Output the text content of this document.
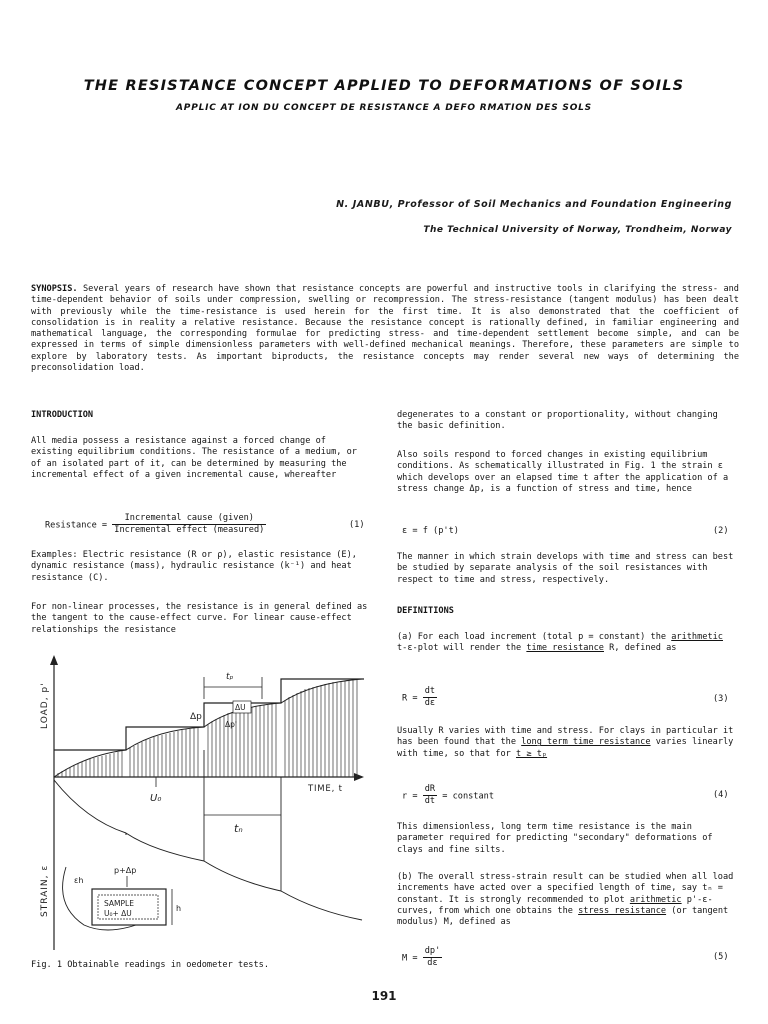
THE RESISTANCE CONCEPT APPLIED TO DEFORMATIONS OF SOILS
APPLIC AT ION DU CONCEPT DE RESISTANCE A DEFO RMATION DES SOLS
N. JANBU, Professor of Soil Mechanics and Foundation Engineering
The Technical University of Norway, Trondheim, Norway
SYNOPSIS. Several years of research have shown that resistance concepts are powerful and instructive tools in clarifying the stress- and time-dependent behavior of soils under compression, swelling or recompression. The stress-resistance (tangent modulus) has been dealt with previously while the time-resistance is used herein for the first time. It is also demonstrated that the coefficient of consolidation is in reality a relative resistance. Because the resistance concept is rationally defined, in familiar engineering and mathematical language, the corresponding formulae for predicting stress- and time-dependent settlement become simple, and can be expressed in terms of simple dimensionless parameters with well-defined mechanical meanings. Therefore, these parameters are simple to explore by laboratory tests. As important biproducts, the resistance concepts may render several new ways of determining the preconsolidation load.
INTRODUCTION
All media possess a resistance against a forced change of existing equilibrium conditions. The resistance of a medium, or of an isolated part of it, can be determined by measuring the incremental effect of a given incremental cause, whereafter
Resistance = $\frac{\text{Incremental cause (given)}}{\text{Incremental effect (measured)}}$	(1)
Examples: Electric resistance (R or ρ), elastic resistance (E), dynamic resistance (mass), hydraulic resistance (k⁻¹) and heat resistance (C).
For non-linear processes, the resistance is in general defined as the tangent to the cause-effect curve. For linear cause-effect relationships the resistance
tₚ
Δp
ΔU
Δp'
U₀
LOAD, p'
TIME, t
STRAIN, ε
tₙ
εh
p+Δp
SAMPLE
U₀+ ΔU
h
Fig. 1 Obtainable readings in oedometer tests.
degenerates to a constant or proportionality, without changing the basic definition.
Also soils respond to forced changes in existing equilibrium conditions. As schematically illustrated in Fig. 1 the strain ε which develops over an elapsed time t after the application of a stress change Δp, is a function of stress and time, hence
ε = f (p't)	(2)
The manner in which strain develops with time and stress can best be studied by separate analysis of the soil resistances with respect to time and stress, respectively.
DEFINITIONS
(a) For each load increment (total p = constant) the arithmetic t-ε-plot will render the time resistance R, defined as
$R = \frac{dt}{d\varepsilon}$	(3)
Usually R varies with time and stress. For clays in particular it has been found that the long term time resistance varies linearly with time, so that for t ≥ tₚ
$r = \frac{dR}{dt}$ = constant	(4)
This dimensionless, long term time resistance is the main parameter required for predicting "secondary" deformations of clays and fine silts.
(b) The overall stress-strain result can be studied when all load increments have acted over a specified length of time, say tₙ = constant. It is strongly recommended to plot arithmetic p'-ε-curves, from which one obtains the stress resistance (or tangent modulus) M, defined as
$M = \frac{dp'}{d\varepsilon}$	(5)
191
